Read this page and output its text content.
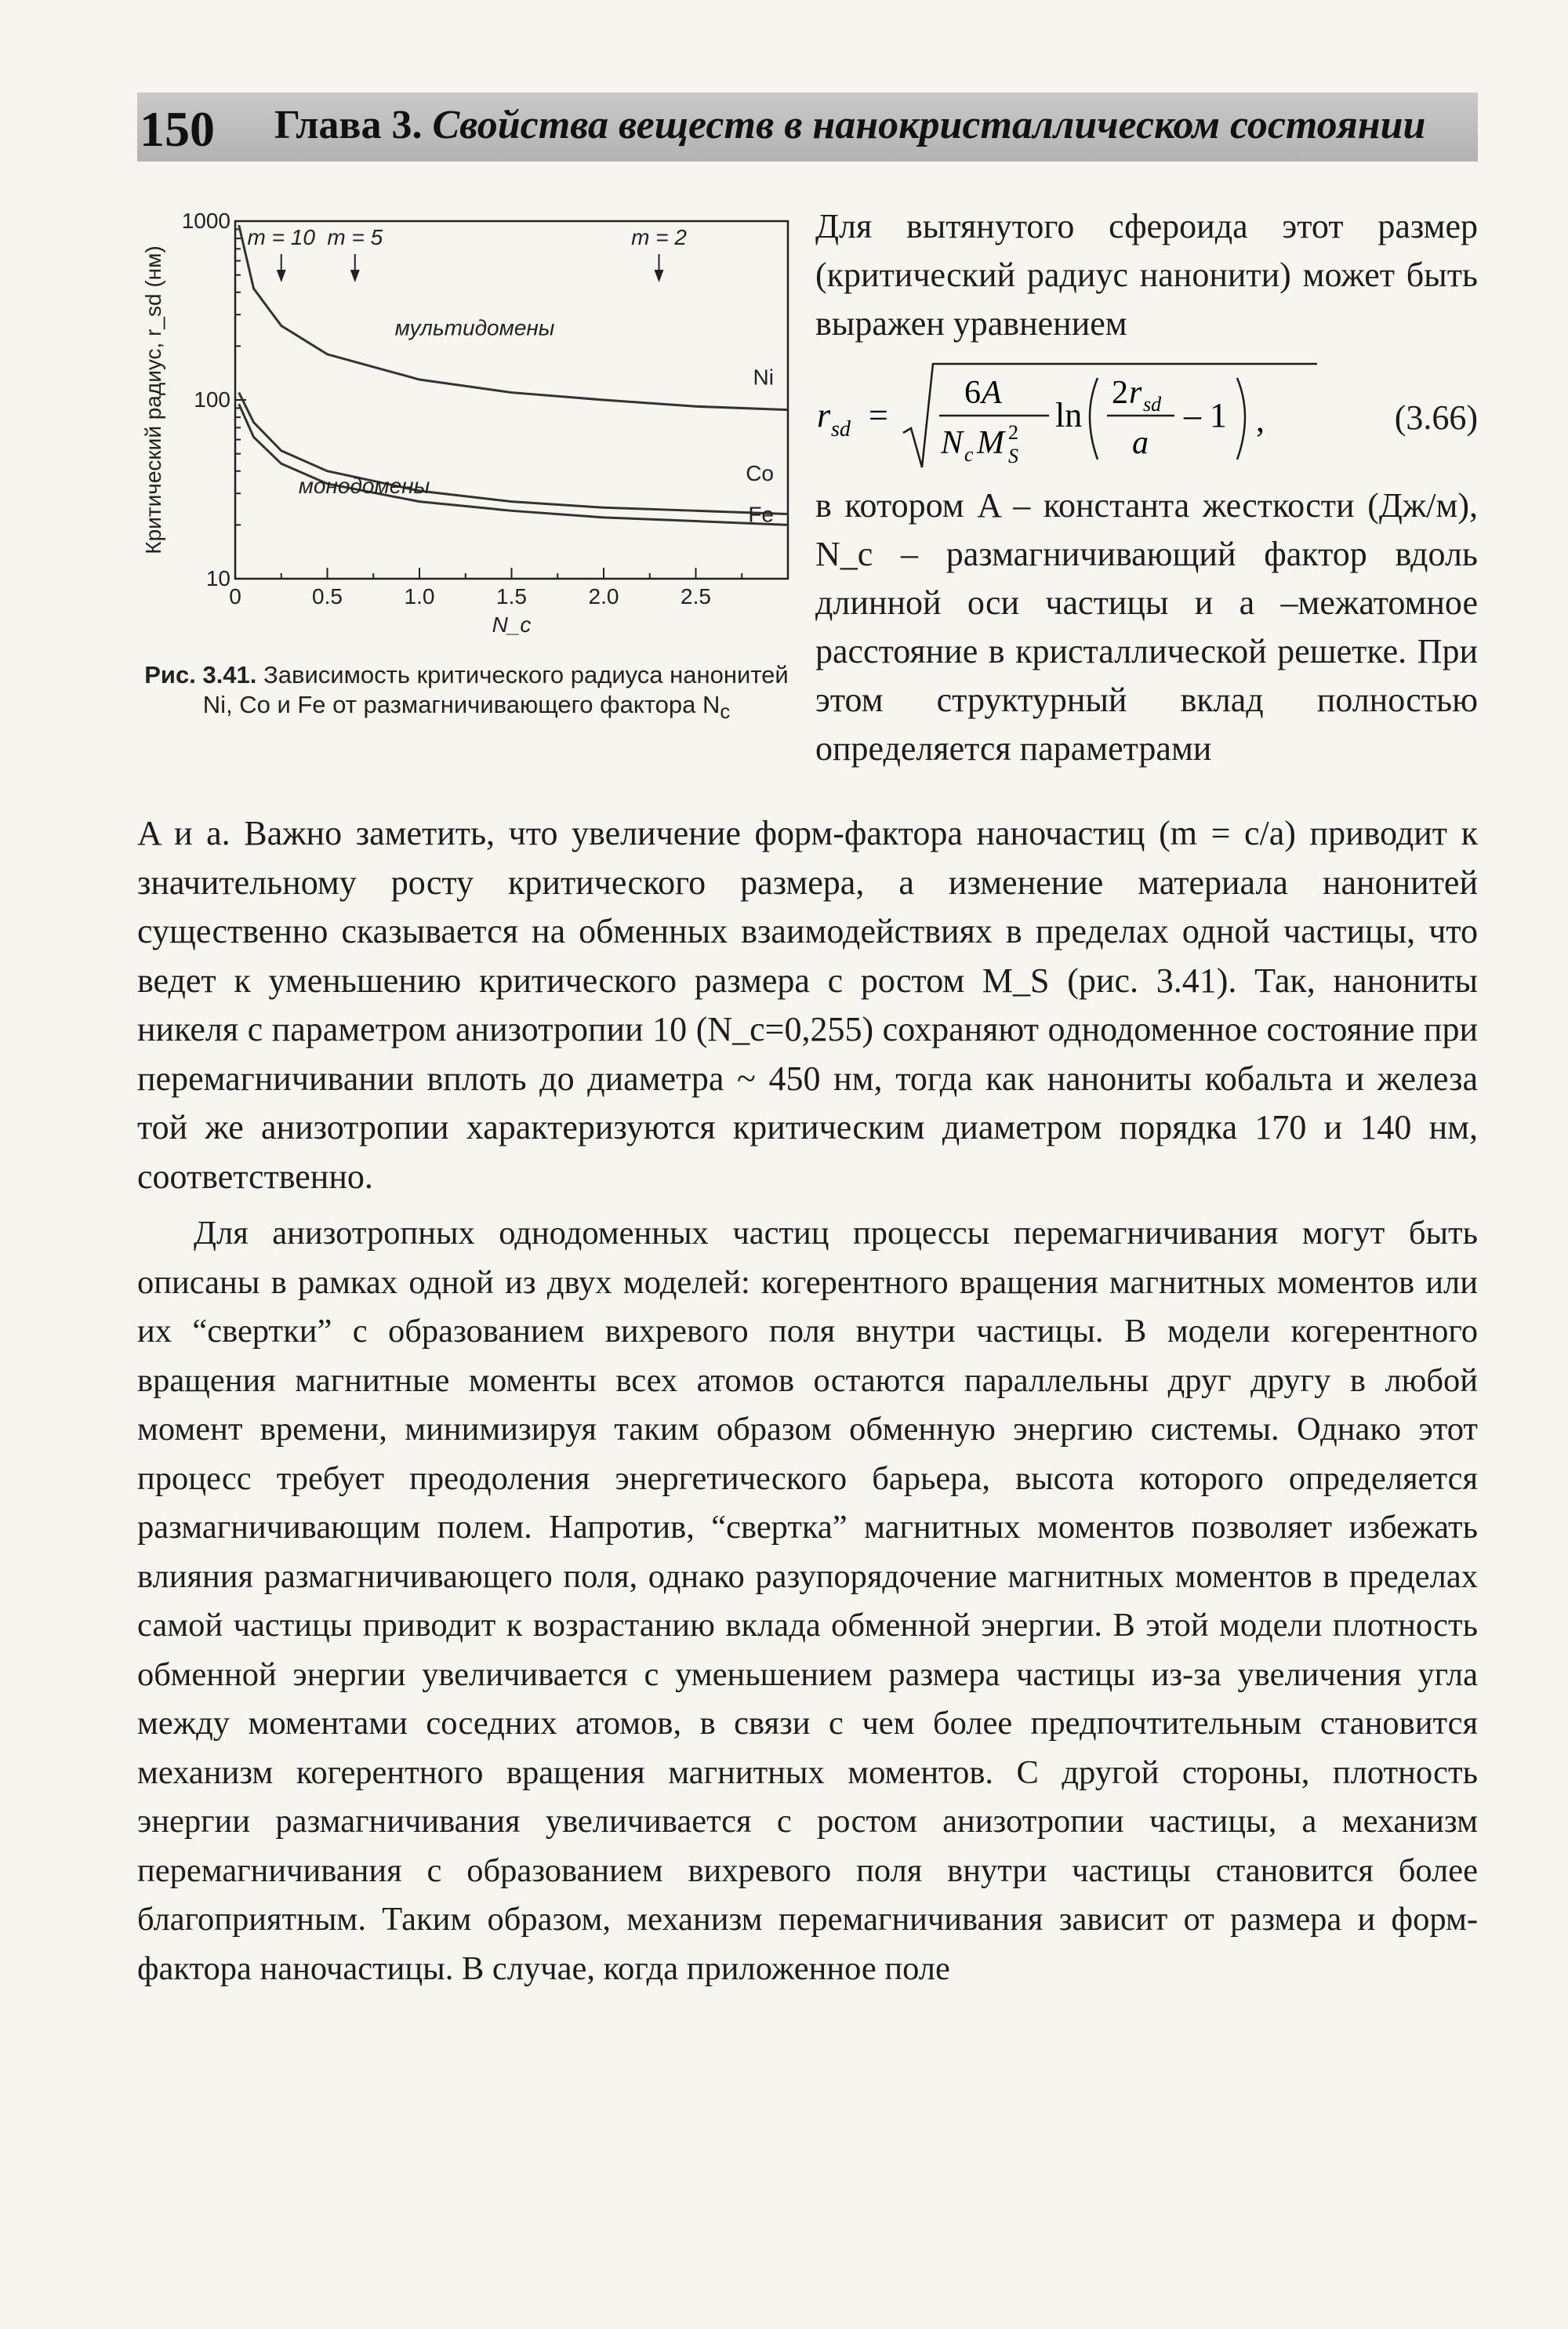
150 Глава 3. Свойства веществ в нанокристаллическом состоянии
10
100
1000
0	0.5	1.0	1.5	2.0	2.5
Критический радиус, r_sd (нм)
N_c
Ni
Co
Fe
m = 10 m = 5	m = 2
мультидомены
монодомены
Рис. 3.41. Зависимость критического радиуса нанонитей Ni, Co и Fe от размагничивающего фактора $N_c$

Для вытянутого сфероида этот размер (критический радиус нанонити) может быть выражен уравнением

r sd =
6 A
N c M 2
S
ln
2 r sd
a
– 1 ,	(3.66)

в котором A – константа жесткости (Дж/м), N_c – размагничивающий фактор вдоль длинной оси частицы и a –межатомное расстояние в кристаллической решетке. При этом структурный вклад полностью определяется параметрами

A и a. Важно заметить, что увеличение форм-фактора наночастиц (m = c/a) приводит к значительному росту критического размера, а изменение материала нанонитей существенно сказывается на обменных взаимодействиях в пределах одной частицы, что ведет к уменьшению критического размера с ростом M_S (рис. 3.41). Так, нанониты никеля с параметром анизотропии 10 (N_c=0,255) сохраняют однодоменное состояние при перемагничивании вплоть до диаметра ~ 450 нм, тогда как нанониты кобальта и железа той же анизотропии характеризуются критическим диаметром порядка 170 и 140 нм, соответственно.

Для анизотропных однодоменных частиц процессы перемагничивания могут быть описаны в рамках одной из двух моделей: когерентного вращения магнитных моментов или их “свертки” с образованием вихревого поля внутри частицы. В модели когерентного вращения магнитные моменты всех атомов остаются параллельны друг другу в любой момент времени, минимизируя таким образом обменную энергию системы. Однако этот процесс требует преодоления энергетического барьера, высота которого определяется размагничивающим полем. Напротив, “свертка” магнитных моментов позволяет избежать влияния размагничивающего поля, однако разупорядочение магнитных моментов в пределах самой частицы приводит к возрастанию вклада обменной энергии. В этой модели плотность обменной энергии увеличивается с уменьшением размера частицы из-за увеличения угла между моментами соседних атомов, в связи с чем более предпочтительным становится механизм когерентного вращения магнитных моментов. С другой стороны, плотность энергии размагничивания увеличивается с ростом анизотропии частицы, а механизм перемагничивания с образованием вихревого поля внутри частицы становится более благоприятным. Таким образом, механизм перемагничивания зависит от размера и форм-фактора наночастицы. В случае, когда приложенное поле
